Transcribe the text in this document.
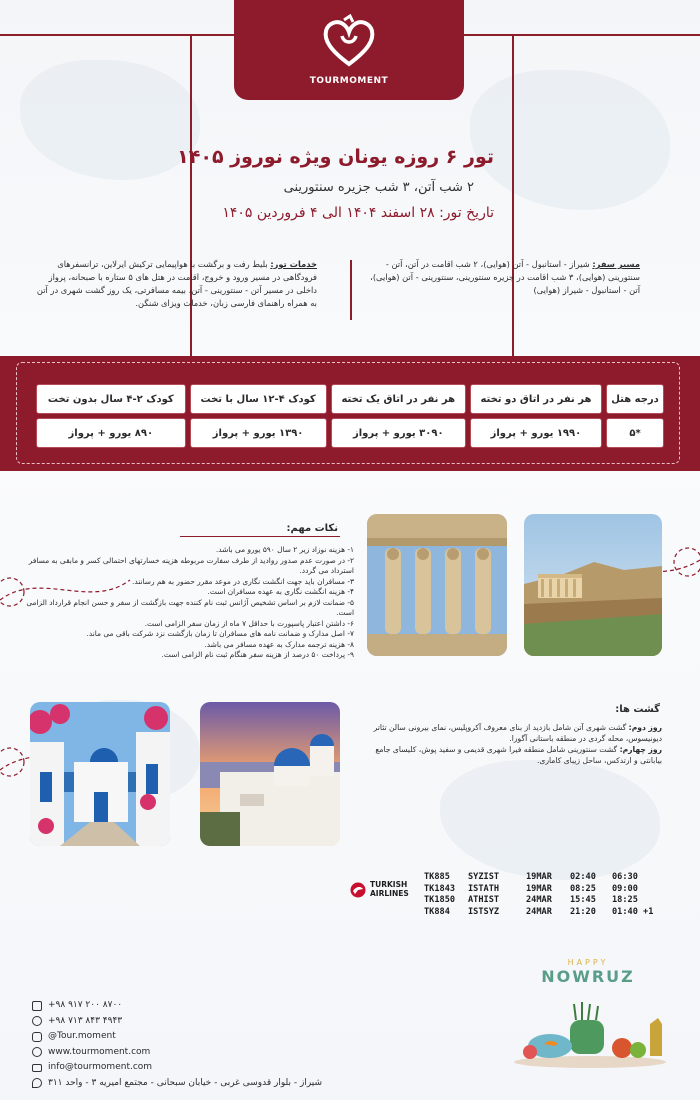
TOURMOMENT
تور ۶ روزه یونان ویژه نوروز ۱۴۰۵
۲ شب آتن، ۳ شب جزیره سنتورینی
تاریخ تور: ۲۸ اسفند ۱۴۰۴ الی ۴ فروردین ۱۴۰۵
مسیر سفر: شیراز - استانبول - آتن (هوایی)، ۲ شب اقامت در آتن، آتن - سنتورینی (هوایی)، ۳ شب اقامت در جزیره سنتورینی، سنتورینی - آتن (هوایی)، آتن - استانبول - شیراز (هوایی)
خدمات تور: بلیط رفت و برگشت با هواپیمایی ترکیش ایرلاین، ترانسفرهای فرودگاهی در مسیر ورود و خروج، اقامت در هتل های ۵ ستاره با صبحانه، پرواز داخلی در مسیر آتن - سنتورینی - آتن، بیمه مسافرتی، یک روز گشت شهری در آتن به همراه راهنمای فارسی زبان، خدمات ویزای شنگن.
درجه هتل	هر نفر در اتاق دو تخته	هر نفر در اتاق یک تخته	کودک ۴-۱۲ سال با تخت	کودک ۲-۴ سال بدون تخت
*۵	۱۹۹۰ یورو + پرواز	۳۰۹۰ یورو + پرواز	۱۳۹۰ یورو + پرواز	۸۹۰ یورو + پرواز
نکات مهم:
۱- هزینه نوزاد زیر ۲ سال ۵۹۰ یورو می باشد.
۲- در صورت عدم صدور روادید از طرف سفارت مربوطه هزینه خسارتهای احتمالی کسر و مابقی به مسافر استرداد می گردد.
۳- مسافران باید جهت انگشت نگاری در موعد مقرر حضور به هم رسانند.
۴- هزینه انگشت نگاری به عهده مسافران است.
۵- ضمانت لازم بر اساس تشخیص آژانس ثبت نام کننده جهت بازگشت از سفر و حسن انجام قرارداد الزامی است.
۶- داشتن اعتبار پاسپورت با حداقل ۷ ماه از زمان سفر الزامی است.
۷- اصل مدارک و ضمانت نامه های مسافران تا زمان بازگشت نزد شرکت باقی می ماند.
۸- هزینه ترجمه مدارک به عهده مسافر می باشد.
۹- پرداخت ۵۰ درصد از هزینه سفر هنگام ثبت نام الزامی است.
گشت ها:
روز دوم: گشت شهری آتن شامل بازدید از بنای معروف آکروپلیس، نمای بیرونی سالن تئاتر دیونیسوس، محله گردی در منطقه باستانی آگورا.
روز چهارم: گشت سنتورینی شامل منطقه فیرا شهری قدیمی و سفید پوش، کلیسای جامع بیابانتی و ارتدکس، ساحل زیبای کاماری.
TURKISH
AIRLINES
TK885	SYZIST	19MAR	02:40	06:30
TK1843	ISTATH	19MAR	08:25	09:00
TK1850	ATHIST	24MAR	15:45	18:25
TK884	ISTSYZ	24MAR	21:20	01:40 +1
HAPPY
NOWRUZ
+۹۸ ۹۱۷ ۲۰۰ ۸۷۰۰
+۹۸ ۷۱۳ ۸۴۳ ۴۹۴۳
@Tour.moment
www.tourmoment.com
info@tourmoment.com
شیراز - بلوار قدوسی غربی - خیابان سبحانی - مجتمع امیریه ۳ - واحد ۳۱۱
